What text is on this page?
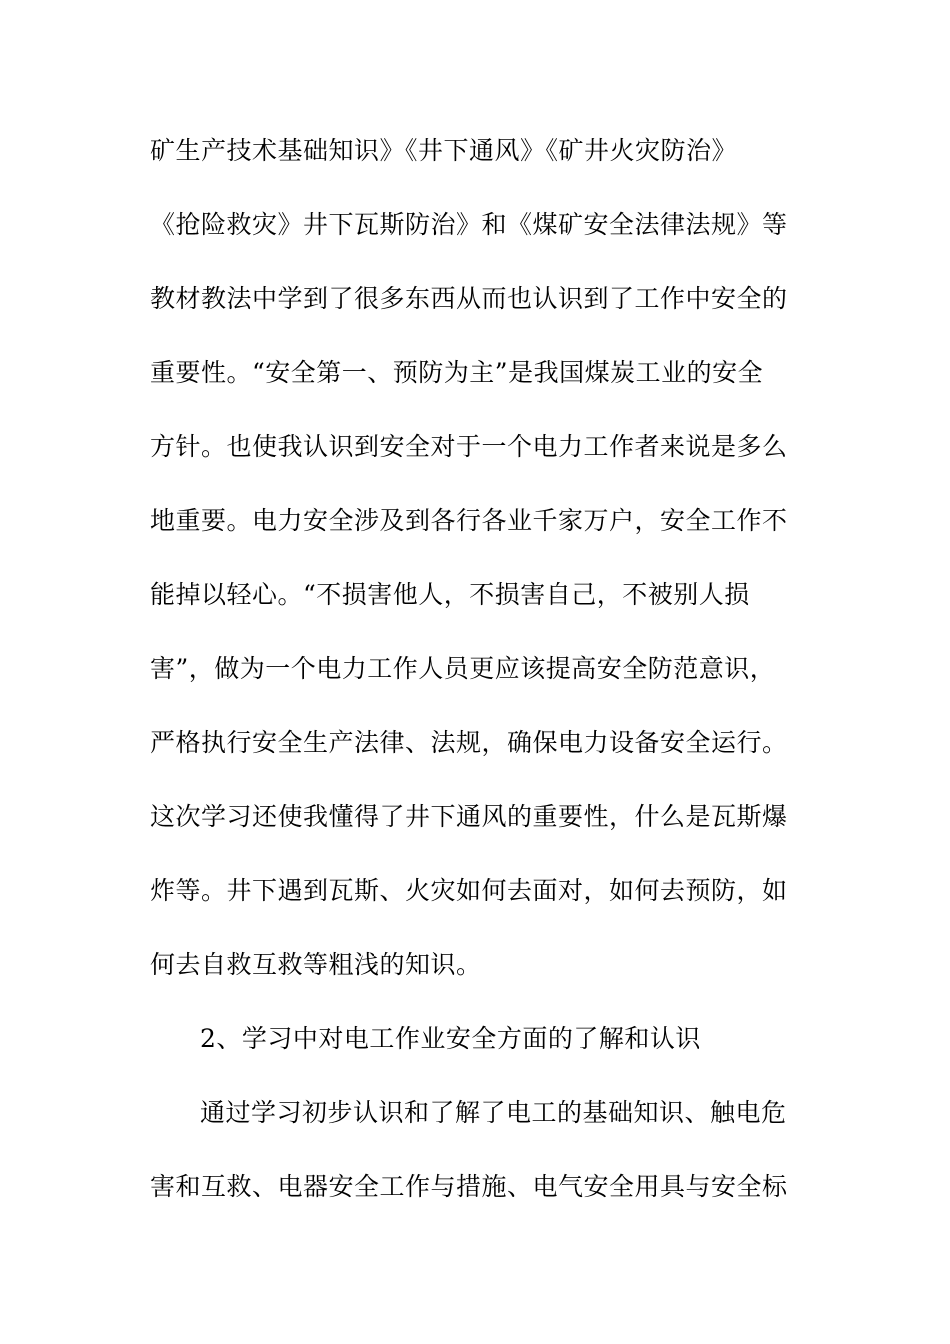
矿生产技术基础知识》《井下通风》《矿井火灾防治》
《抢险救灾》井下瓦斯防治》和《煤矿安全法律法规》等
教材教法中学到了很多东西从而也认识到了工作中安全的
重要性。“安全第一、预防为主”是我国煤炭工业的安全
方针。也使我认识到安全对于一个电力工作者来说是多么
地重要。电力安全涉及到各行各业千家万户，安全工作不
能掉以轻心。“不损害他人，不损害自己，不被别人损
害”，做为一个电力工作人员更应该提高安全防范意识，
严格执行安全生产法律、法规，确保电力设备安全运行。
这次学习还使我懂得了井下通风的重要性，什么是瓦斯爆
炸等。井下遇到瓦斯、火灾如何去面对，如何去预防，如
何去自救互救等粗浅的知识。
2、学习中对电工作业安全方面的了解和认识
通过学习初步认识和了解了电工的基础知识、触电危
害和互救、电器安全工作与措施、电气安全用具与安全标
